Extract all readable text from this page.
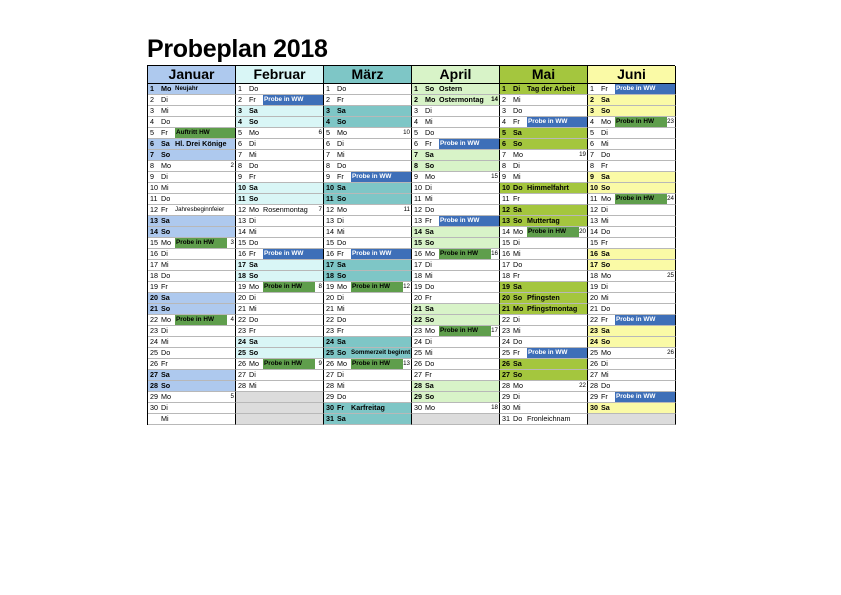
Probeplan 2018
Januar
1 Mo Neujahr
2 Di
3 Mi
4 Do
5 Fr Auftritt HW
6 Sa Hl. Drei Könige
7 So
8 Mo	2
9 Di
10 Mi
11 Do
12 Fr Jahresbeginnfeier
13 Sa
14 So
15 Mo Probe in HW	3
16 Di
17 Mi
18 Do
19 Fr
20 Sa
21 So
22 Mo Probe in HW	4
23 Di
24 Mi
25 Do
26 Fr
27 Sa
28 So
29 Mo	5
30 Di
Mi
Februar
1 Do
2 Fr Probe in WW
3 Sa
4 So
5 Mo	6
6 Di
7 Mi
8 Do
9 Fr
10 Sa
11 So
12 Mo Rosenmontag 7
13 Di
14 Mi
15 Do
16 Fr Probe in WW
17 Sa
18 So
19 Mo Probe in HW	8
20 Di
21 Mi
22 Do
23 Fr
24 Sa
25 So
26 Mo Probe in HW	9
27 Di
28 Mi
März
1 Do
2 Fr
3 Sa
4 So
5 Mo	10
6 Di
7 Mi
8 Do
9 Fr Probe in WW
10 Sa
11 So
12 Mo	11
13 Di
14 Mi
15 Do
16 Fr Probe in WW
17 Sa
18 So
19 Mo Probe in HW	12
20 Di
21 Mi
22 Do
23 Fr
24 Sa
25 So Sommerzeit beginnt
26 Mo Probe in HW	13
27 Di
28 Mi
29 Do
30 Fr Karfreitag
31 Sa
April
1 So Ostern
2 Mo Ostermontag 14
3 Di
4 Mi
5 Do
6 Fr Probe in WW
7 Sa
8 So
9 Mo	15
10 Di
11 Mi
12 Do
13 Fr Probe in WW
14 Sa
15 So
16 Mo Probe in HW	16
17 Di
18 Mi
19 Do
20 Fr
21 Sa
22 So
23 Mo Probe in HW	17
24 Di
25 Mi
26 Do
27 Fr
28 Sa
29 So
30 Mo	18
Mai
1 Di Tag der Arbeit
2 Mi
3 Do
4 Fr Probe in WW
5 Sa
6 So
7 Mo	19
8 Di
9 Mi
10 Do Himmelfahrt
11 Fr
12 Sa
13 So Muttertag
14 Mo Probe in HW	20
15 Di
16 Mi
17 Do
18 Fr
19 Sa
20 So Pfingsten
21 Mo Pfingstmontag
22 Di
23 Mi
24 Do
25 Fr Probe in WW
26 Sa
27 So
28 Mo	22
29 Di
30 Mi
31 Do Fronleichnam
Juni
1 Fr Probe in WW
2 Sa
3 So
4 Mo Probe in HW	23
5 Di
6 Mi
7 Do
8 Fr
9 Sa
10 So
11 Mo Probe in HW	24
12 Di
13 Mi
14 Do
15 Fr
16 Sa
17 So
18 Mo	25
19 Di
20 Mi
21 Do
22 Fr Probe in WW
23 Sa
24 So
25 Mo	26
26 Di
27 Mi
28 Do
29 Fr Probe in WW
30 Sa
